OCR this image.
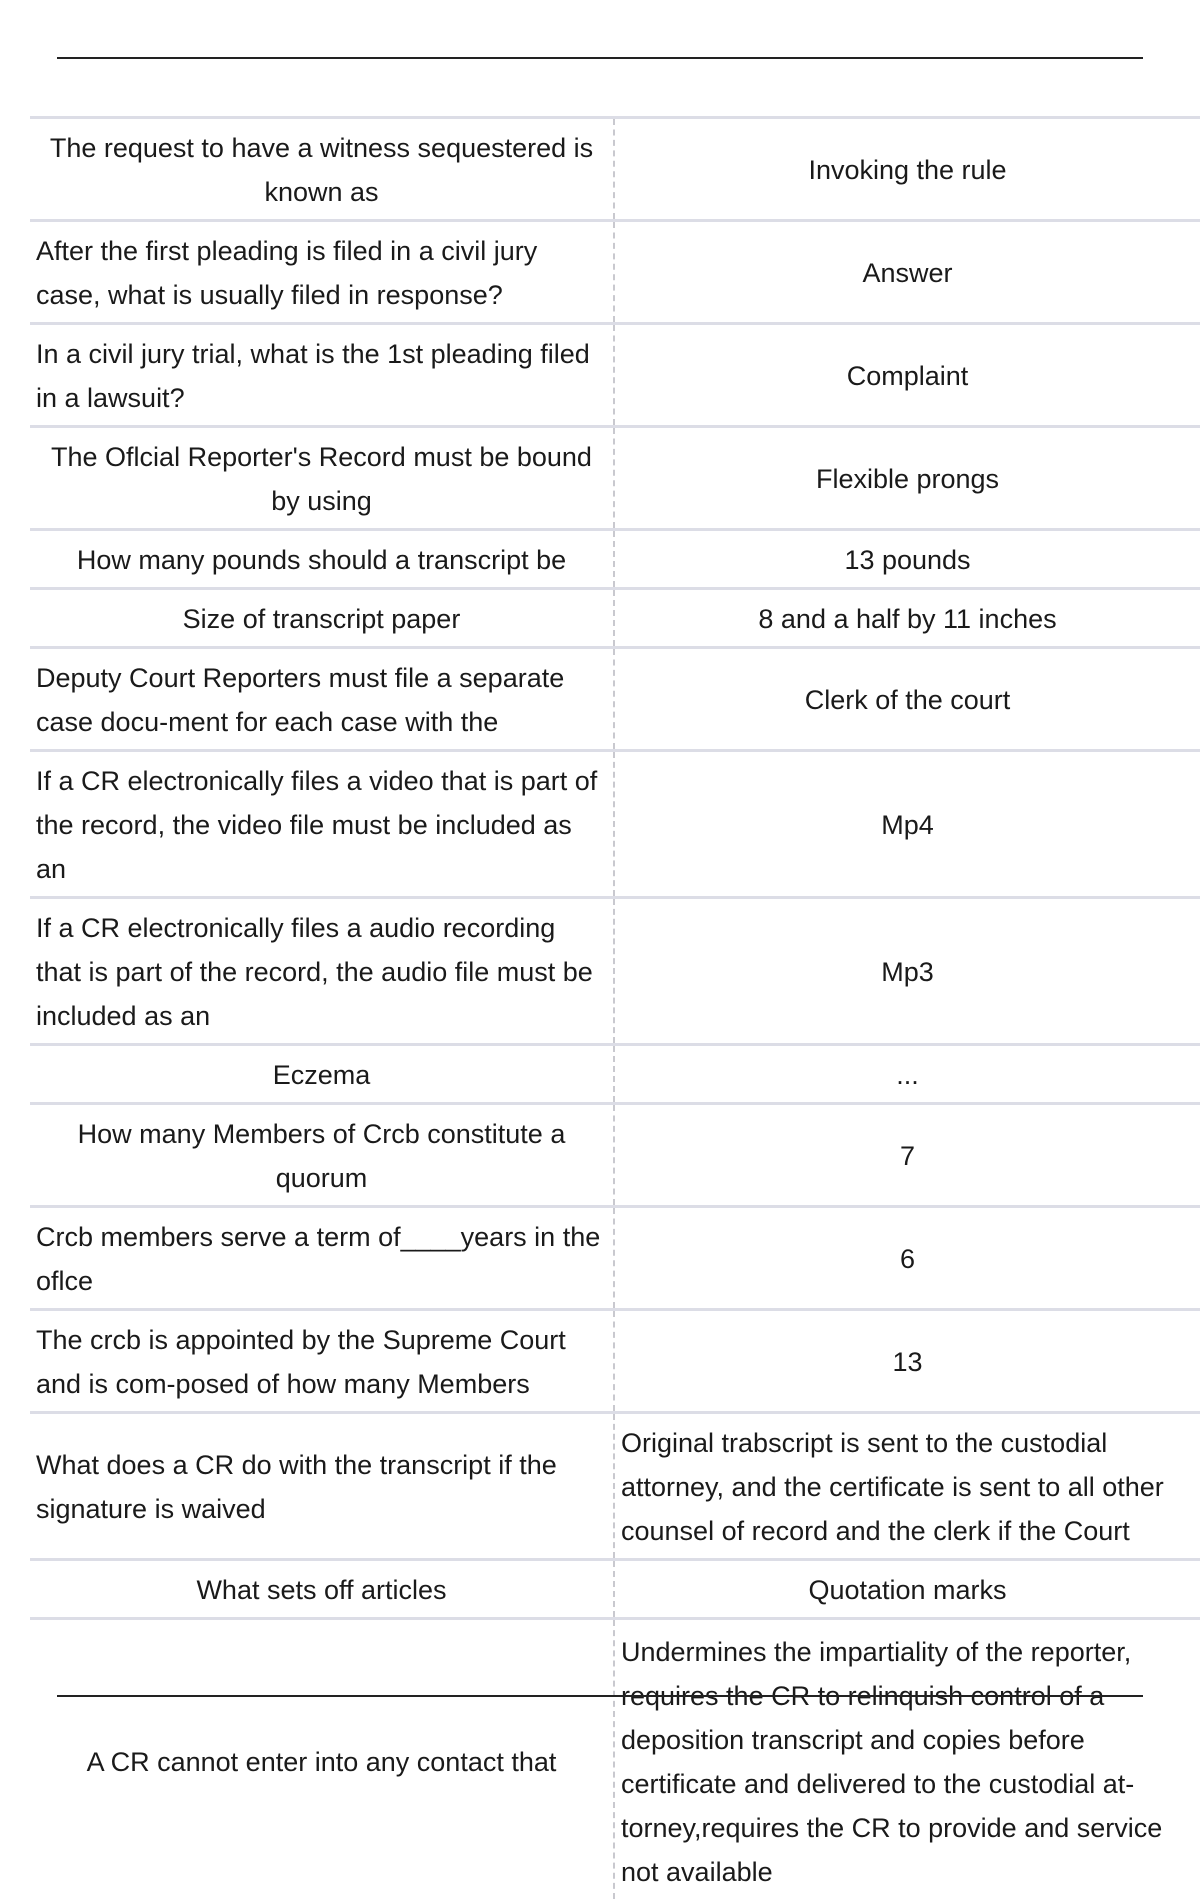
The request to have a witness sequestered is known as	Invoking the rule
After the first pleading is filed in a civil jury case, what is usually filed in response?	Answer
In a civil jury trial, what is the 1st pleading filed in a lawsuit?	Complaint
The Oflcial Reporter's Record must be bound by using	Flexible prongs
How many pounds should a transcript be	13 pounds
Size of transcript paper	8 and a half by 11 inches
Deputy Court Reporters must file a separate case docu-ment for each case with the	Clerk of the court
If a CR electronically files a video that is part of the record, the video file must be included as an	Mp4
If a CR electronically files a audio recording that is part of the record, the audio file must be included as an	Mp3
Eczema	...
How many Members of Crcb constitute a quorum	7
Crcb members serve a term of____years in the oflce	6
The crcb is appointed by the Supreme Court and is com-posed of how many Members	13
What does a CR do with the transcript if the signature is waived	Original trabscript is sent to the custodial attorney, and the certificate is sent to all other counsel of record and the clerk if the Court
What sets off articles	Quotation marks
A CR cannot enter into any contact that	Undermines the impartiality of the reporter, requires the CR to relinquish control of a deposition transcript and copies before certificate and delivered to the custodial at-torney,requires the CR to provide and service not available
